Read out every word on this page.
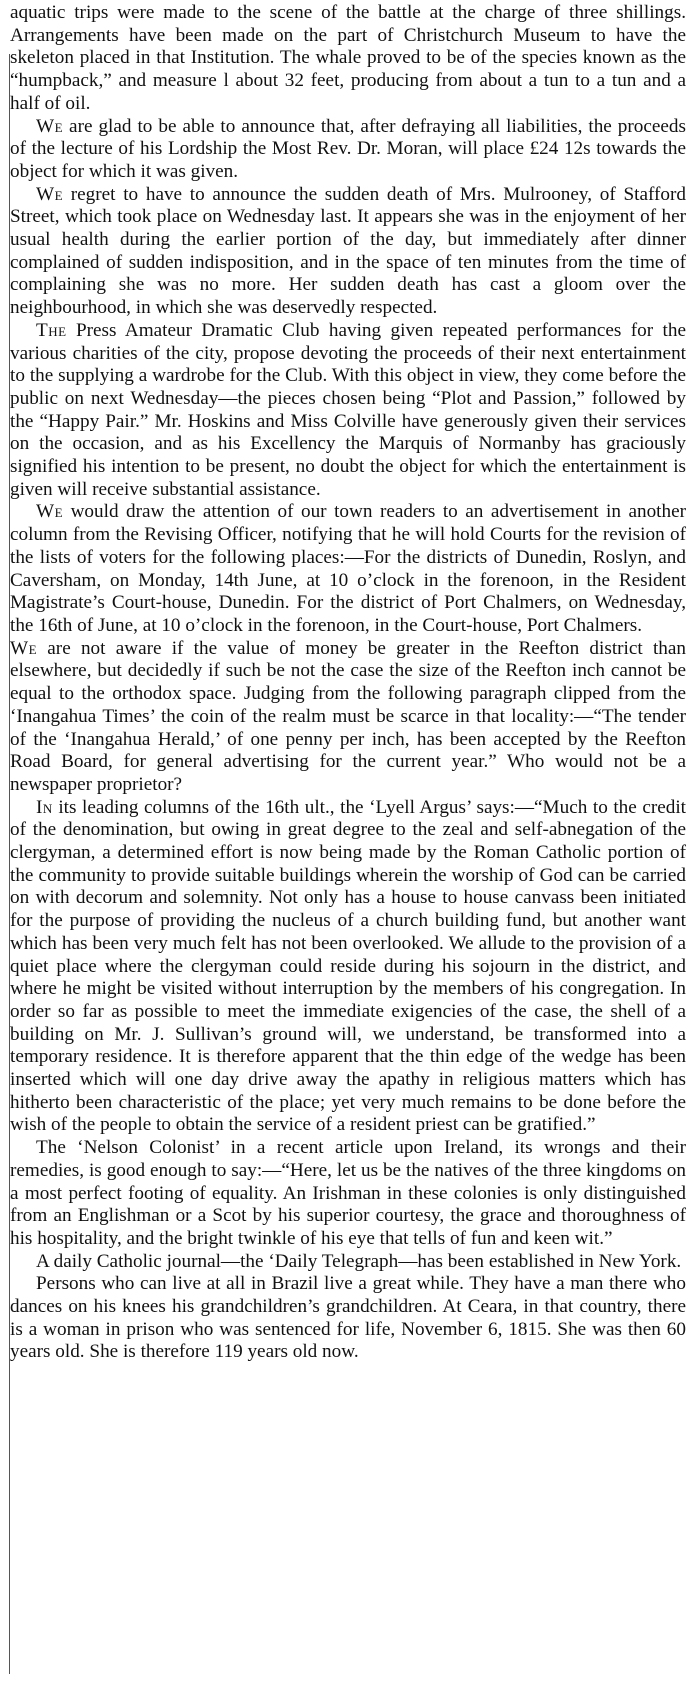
aquatic trips were made to the scene of the battle at the charge of three shillings. Arrangements have been made on the part of Christchurch Museum to have the skeleton placed in that Institution. The whale proved to be of the species known as the “humpback,” and measure l about 32 feet, producing from about a tun to a tun and a half of oil.

We are glad to be able to announce that, after defraying all liabilities, the proceeds of the lecture of his Lordship the Most Rev. Dr. Moran, will place £24 12s towards the object for which it was given.

We regret to have to announce the sudden death of Mrs. Mulrooney, of Stafford Street, which took place on Wednesday last. It appears she was in the enjoyment of her usual health during the earlier portion of the day, but immediately after dinner complained of sudden indisposition, and in the space of ten minutes from the time of complaining she was no more. Her sudden death has cast a gloom over the neighbourhood, in which she was deservedly respected.

The Press Amateur Dramatic Club having given repeated performances for the various charities of the city, propose devoting the proceeds of their next entertainment to the supplying a wardrobe for the Club. With this object in view, they come before the public on next Wednesday—the pieces chosen being “Plot and Passion,” followed by the “Happy Pair.” Mr. Hoskins and Miss Colville have generously given their services on the occasion, and as his Excellency the Marquis of Normanby has graciously signified his intention to be present, no doubt the object for which the entertainment is given will receive substantial assistance.

We would draw the attention of our town readers to an advertisement in another column from the Revising Officer, notifying that he will hold Courts for the revision of the lists of voters for the following places:—For the districts of Dunedin, Roslyn, and Caversham, on Monday, 14th June, at 10 o’clock in the forenoon, in the Resident Magistrate’s Court-house, Dunedin. For the district of Port Chalmers, on Wednesday, the 16th of June, at 10 o’clock in the forenoon, in the Court-house, Port Chalmers.

We are not aware if the value of money be greater in the Reefton district than elsewhere, but decidedly if such be not the case the size of the Reefton inch cannot be equal to the orthodox space. Judging from the following paragraph clipped from the ‘Inangahua Times’ the coin of the realm must be scarce in that locality:—“The tender of the ‘Inangahua Herald,’ of one penny per inch, has been accepted by the Reefton Road Board, for general advertising for the current year.” Who would not be a newspaper proprietor?

In its leading columns of the 16th ult., the ‘Lyell Argus’ says:—“Much to the credit of the denomination, but owing in great degree to the zeal and self-abnegation of the clergyman, a determined effort is now being made by the Roman Catholic portion of the community to provide suitable buildings wherein the worship of God can be carried on with decorum and solemnity. Not only has a house to house canvass been initiated for the purpose of providing the nucleus of a church building fund, but another want which has been very much felt has not been overlooked. We allude to the provision of a quiet place where the clergyman could reside during his sojourn in the district, and where he might be visited without interruption by the members of his congregation. In order so far as possible to meet the immediate exigencies of the case, the shell of a building on Mr. J. Sullivan’s ground will, we understand, be transformed into a temporary residence. It is therefore apparent that the thin edge of the wedge has been inserted which will one day drive away the apathy in religious matters which has hitherto been characteristic of the place; yet very much remains to be done before the wish of the people to obtain the service of a resident priest can be gratified.”

The ‘Nelson Colonist’ in a recent article upon Ireland, its wrongs and their remedies, is good enough to say:—“Here, let us be the natives of the three kingdoms on a most perfect footing of equality. An Irishman in these colonies is only distinguished from an Englishman or a Scot by his superior courtesy, the grace and thoroughness of his hospitality, and the bright twinkle of his eye that tells of fun and keen wit.”

A daily Catholic journal—the ‘Daily Telegraph—has been established in New York.

Persons who can live at all in Brazil live a great while. They have a man there who dances on his knees his grandchildren’s grandchildren. At Ceara, in that country, there is a woman in prison who was sentenced for life, November 6, 1815. She was then 60 years old. She is therefore 119 years old now.
